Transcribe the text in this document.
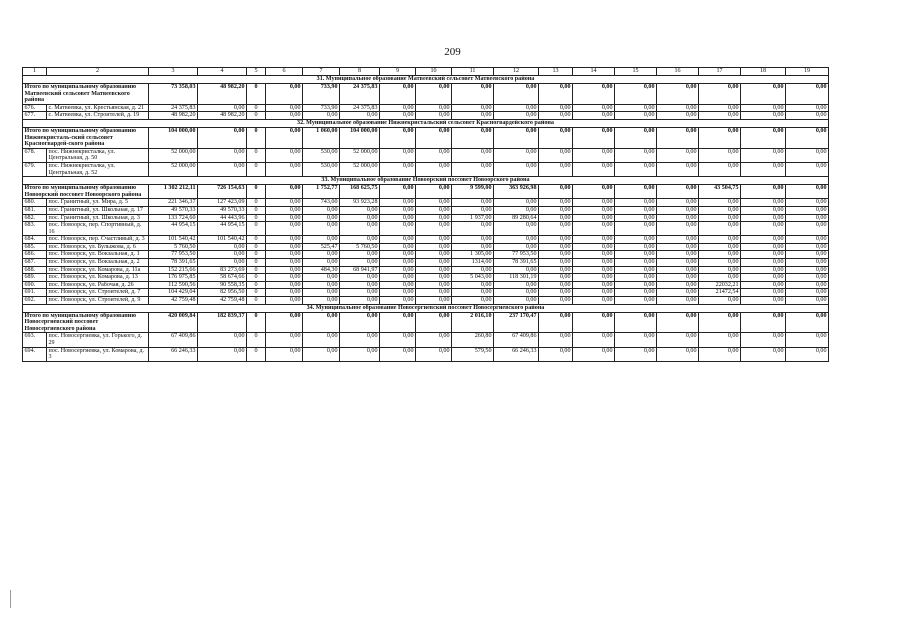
209
1	2	3	4	5	6	7	8	9	10	11	12	13	14	15	16	17	18	19
31. Муниципальное образование Матвеевский сельсовет Матвеевского района																		
Итого по муниципальному образованию Матвеевский сельсовет Матвеевского района		73 358,03	48 982,20	0	0,00	733,90	24 375,83	0,00	0,00	0,00	0,00	0,00	0,00	0,00	0,00	0,00	0,00	0,00
676.	с. Матвеевка, ул. Крестьянская, д. 21	24 375,83	0,00	0	0,00	733,90	24 375,83	0,00	0,00	0,00	0,00	0,00	0,00	0,00	0,00	0,00	0,00	0,00
677.	с. Матвеевка, ул. Строителей, д. 19	48 982,20	48 982,20	0	0,00	0,00	0,00	0,00	0,00	0,00	0,00	0,00	0,00	0,00	0,00	0,00	0,00	0,00
32. Муниципальное образование Нижнекристальский сельсовет Красногвардейского района																		
Итого по муниципальному образованию Нижнекристаль-ский сельсовет Красногвардей-ского района		104 000,00	0,00	0	0,00	1 060,00	104 000,00	0,00	0,00	0,00	0,00	0,00	0,00	0,00	0,00	0,00	0,00	0,00
678.	пос. Нижнекристалка, ул. Центральная, д. 50	52 000,00	0,00	0	0,00	530,00	52 000,00	0,00	0,00	0,00	0,00	0,00	0,00	0,00	0,00	0,00	0,00	0,00
679.	пос. Нижнекристалка, ул. Центральная, д. 52	52 000,00	0,00	0	0,00	530,00	52 000,00	0,00	0,00	0,00	0,00	0,00	0,00	0,00	0,00	0,00	0,00	0,00
33. Муниципальное образование Новоорский поссовет Новоорского района																		
Итого по муниципальному образованию Новоорский поссовет Новоорского района		1 302 212,11	726 154,63	0	0,00	1 752,77	168 625,75	0,00	0,00	9 599,00	363 926,98	0,00	0,00	0,00	0,00	43 504,75	0,00	0,00
680.	пос. Гранитный, ул. Мира, д. 5	221 346,37	127 423,09	0	0,00	743,00	93 923,28	0,00	0,00	0,00	0,00	0,00	0,00	0,00	0,00	0,00	0,00	0,00
681.	пос. Гранитный, ул. Школьная, д. 17	49 570,33	49 570,33	0	0,00	0,00	0,00	0,00	0,00	0,00	0,00	0,00	0,00	0,00	0,00	0,00	0,00	0,00
682.	пос. Гранитный, ул. Школьная, д. 3	133 724,60	44 443,96	0	0,00	0,00	0,00	0,00	0,00	1 937,00	89 280,64	0,00	0,00	0,00	0,00	0,00	0,00	0,00
683.	пос. Новоорск, пер. Спортивный, д. 16	44 954,15	44 954,15	0	0,00	0,00	0,00	0,00	0,00	0,00	0,00	0,00	0,00	0,00	0,00	0,00	0,00	0,00
684.	пос. Новоорск, пер. Счастливый, д. 3	101 540,42	101 540,42	0	0,00	0,00	0,00	0,00	0,00	0,00	0,00	0,00	0,00	0,00	0,00	0,00	0,00	0,00
685.	пос. Новоорск, ул. Булыжова, д. 6	5 760,50	0,00	0	0,00	525,47	5 760,50	0,00	0,00	0,00	0,00	0,00	0,00	0,00	0,00	0,00	0,00	0,00
686.	пос. Новоорск, ул. Вокзальная, д. 1	77 953,50	0,00	0	0,00	0,00	0,00	0,00	0,00	1 305,00	77 953,50	0,00	0,00	0,00	0,00	0,00	0,00	0,00
687.	пос. Новоорск, ул. Вокзальная, д. 2	78 391,65	0,00	0	0,00	0,00	0,00	0,00	0,00	1314,00	78 391,65	0,00	0,00	0,00	0,00	0,00	0,00	0,00
688.	пос. Новоорск, ул. Комарова, д. 11а	152 215,66	83 273,69	0	0,00	484,30	68 941,97	0,00	0,00	0,00	0,00	0,00	0,00	0,00	0,00	0,00	0,00	0,00
689.	пос. Новоорск, ул. Комарова, д. 13	176 975,85	58 674,66	0	0,00	0,00	0,00	0,00	0,00	5 043,00	118 301,19	0,00	0,00	0,00	0,00	0,00	0,00	0,00
690.	пос. Новоорск, ул. Рабочая, д. 26	112 590,56	90 558,35	0	0,00	0,00	0,00	0,00	0,00	0,00	0,00	0,00	0,00	0,00	0,00	22032,21	0,00	0,00
691.	пос. Новоорск, ул. Строителей, д. 7	104 429,04	82 956,50	0	0,00	0,00	0,00	0,00	0,00	0,00	0,00	0,00	0,00	0,00	0,00	21472,54	0,00	0,00
692.	пос. Новоорск, ул. Строителей, д. 9	42 759,48	42 759,48	0	0,00	0,00	0,00	0,00	0,00	0,00	0,00	0,00	0,00	0,00	0,00	0,00	0,00	0,00
34. Муниципальное образование Новосергиевский поссовет Новосергиевского района																		
Итого по муниципальному образованию Новосергиевский поссовет Новосергиевского района		420 009,84	182 839,37	0	0,00	0,00	0,00	0,00	0,00	2 016,10	237 170,47	0,00	0,00	0,00	0,00	0,00	0,00	0,00
693.	пос. Новосергиевка, ул. Горького, д. 29	67 409,86	0,00	0	0,00	0,00	0,00	0,00	0,00	260,80	67 409,86	0,00	0,00	0,00	0,00	0,00	0,00	0,00
694.	пос. Новосергиевка, ул. Комарова, д. 3	66 246,33	0,00	0	0,00	0,00	0,00	0,00	0,00	579,50	66 246,33	0,00	0,00	0,00	0,00	0,00	0,00	0,00
